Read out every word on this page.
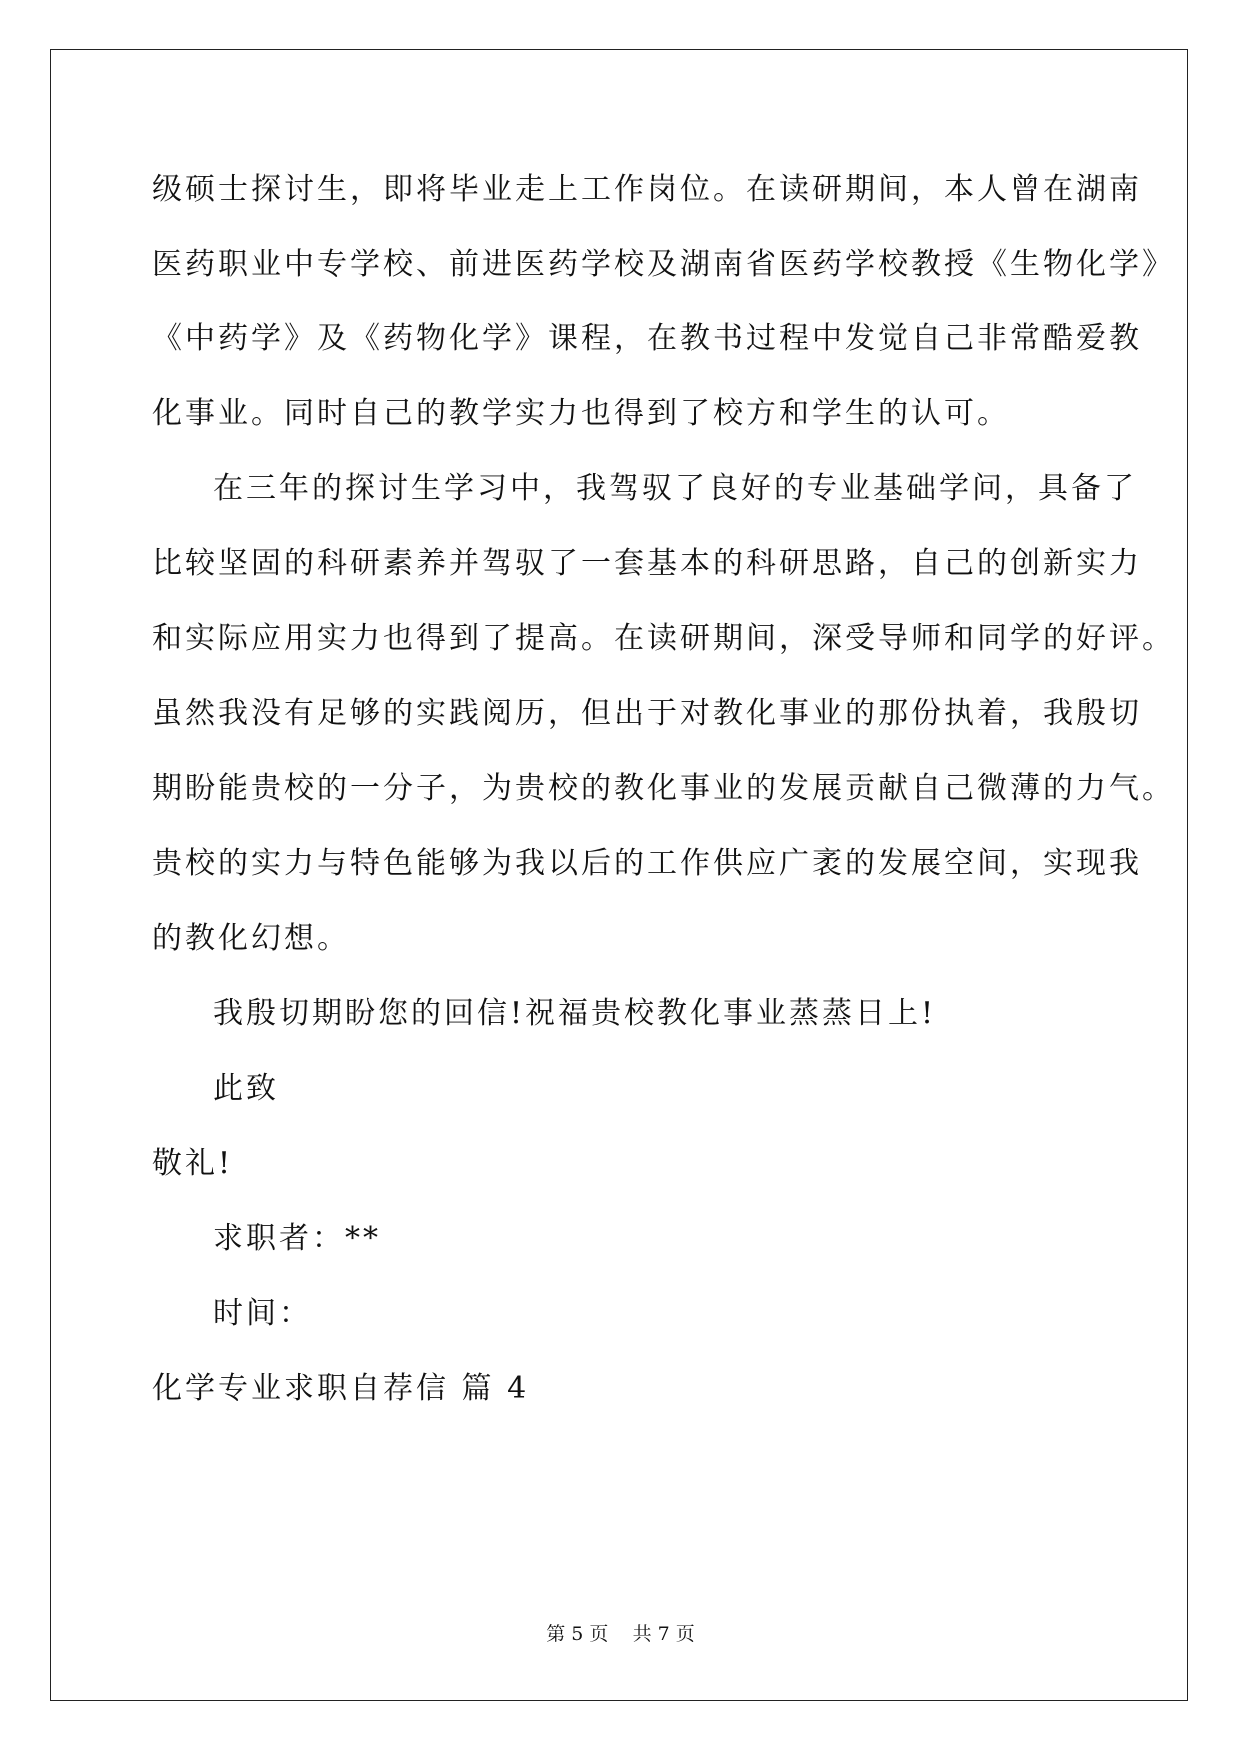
级硕士探讨生，即将毕业走上工作岗位。在读研期间，本人曾在湖南
医药职业中专学校、前进医药学校及湖南省医药学校教授《生物化学》
《中药学》及《药物化学》课程，在教书过程中发觉自己非常酷爱教
化事业。同时自己的教学实力也得到了校方和学生的认可。
在三年的探讨生学习中，我驾驭了良好的专业基础学问，具备了
比较坚固的科研素养并驾驭了一套基本的科研思路，自己的创新实力
和实际应用实力也得到了提高。在读研期间，深受导师和同学的好评。
虽然我没有足够的实践阅历，但出于对教化事业的那份执着，我殷切
期盼能贵校的一分子，为贵校的教化事业的发展贡献自己微薄的力气。
贵校的实力与特色能够为我以后的工作供应广袤的发展空间，实现我
的教化幻想。
我殷切期盼您的回信!祝福贵校教化事业蒸蒸日上!
此致
敬礼!
求职者：**
时间：
化学专业求职自荐信 篇 4
第 5 页    共 7 页
